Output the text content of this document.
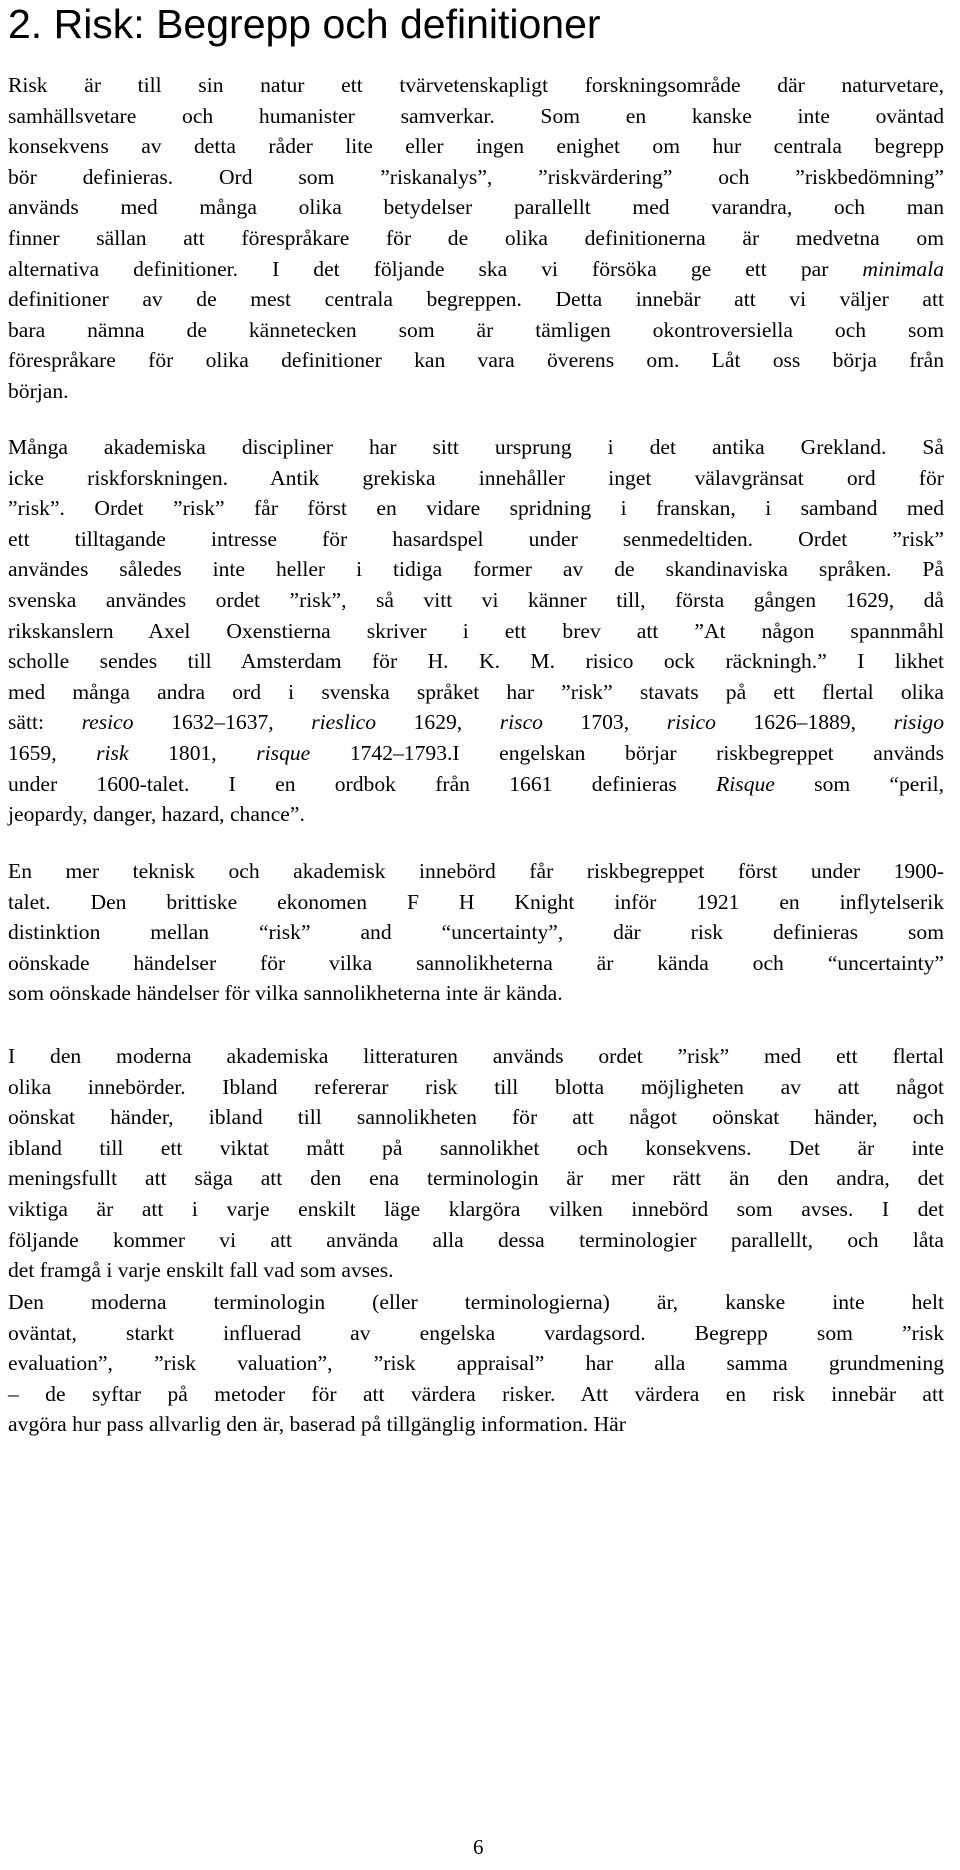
2. Risk: Begrepp och definitioner
Risk är till sin natur ett tvärvetenskapligt forskningsområde där naturvetare,
samhällsvetare och humanister samverkar. Som en kanske inte oväntad
konsekvens av detta råder lite eller ingen enighet om hur centrala begrepp
bör definieras. Ord som ”riskanalys”, ”riskvärdering” och ”riskbedömning”
används med många olika betydelser parallellt med varandra, och man
finner sällan att förespråkare för de olika definitionerna är medvetna om
alternativa definitioner. I det följande ska vi försöka ge ett par minimala
definitioner av de mest centrala begreppen. Detta innebär att vi väljer att
bara nämna de kännetecken som är tämligen okontroversiella och som
förespråkare för olika definitioner kan vara överens om. Låt oss börja från
början.
Många akademiska discipliner har sitt ursprung i det antika Grekland. Så
icke riskforskningen. Antik grekiska innehåller inget välavgränsat ord för
”risk”. Ordet ”risk” får först en vidare spridning i franskan, i samband med
ett tilltagande intresse för hasardspel under senmedeltiden. Ordet ”risk”
användes således inte heller i tidiga former av de skandinaviska språken. På
svenska användes ordet ”risk”, så vitt vi känner till, första gången 1629, då
rikskanslern Axel Oxenstierna skriver i ett brev att ”At någon spannmåhl
scholle sendes till Amsterdam för H. K. M. risico ock räckningh.” I likhet
med många andra ord i svenska språket har ”risk” stavats på ett flertal olika
sätt: resico 1632–1637, rieslico 1629, risco 1703, risico 1626–1889, risigo
1659, risk 1801, risque 1742–1793.I engelskan börjar riskbegreppet används
under 1600-talet. I en ordbok från 1661 definieras Risque som “peril,
jeopardy, danger, hazard, chance”.
En mer teknisk och akademisk innebörd får riskbegreppet först under 1900-
talet. Den brittiske ekonomen F H Knight inför 1921 en inflytelserik
distinktion mellan “risk” and “uncertainty”, där risk definieras som
oönskade händelser för vilka sannolikheterna är kända och “uncertainty”
som oönskade händelser för vilka sannolikheterna inte är kända.
I den moderna akademiska litteraturen används ordet ”risk” med ett flertal
olika innebörder. Ibland refererar risk till blotta möjligheten av att något
oönskat händer, ibland till sannolikheten för att något oönskat händer, och
ibland till ett viktat mått på sannolikhet och konsekvens. Det är inte
meningsfullt att säga att den ena terminologin är mer rätt än den andra, det
viktiga är att i varje enskilt läge klargöra vilken innebörd som avses. I det
följande kommer vi att använda alla dessa terminologier parallellt, och låta
det framgå i varje enskilt fall vad som avses.
Den moderna terminologin (eller terminologierna) är, kanske inte helt
oväntat, starkt influerad av engelska vardagsord. Begrepp som ”risk
evaluation”, ”risk valuation”, ”risk appraisal” har alla samma grundmening
– de syftar på metoder för att värdera risker. Att värdera en risk innebär att
avgöra hur pass allvarlig den är, baserad på tillgänglig information. Här
6
